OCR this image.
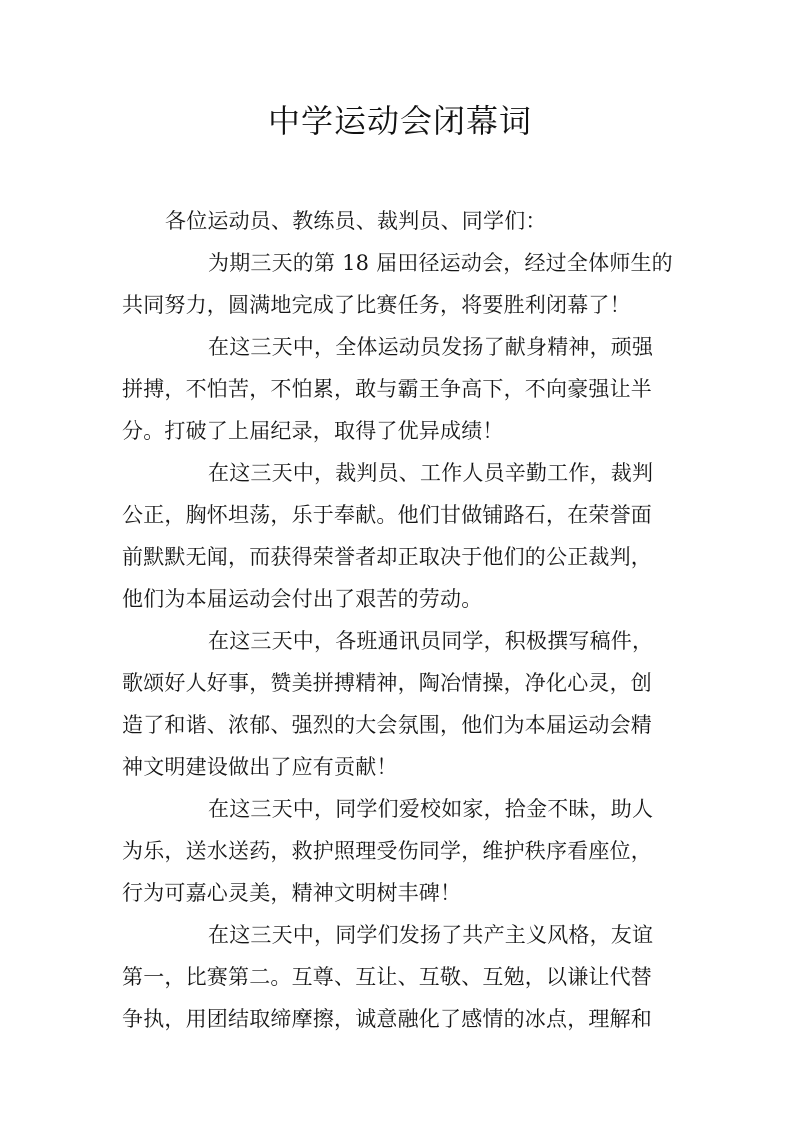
中学运动会闭幕词
各位运动员、教练员、裁判员、同学们：
为期三天的第 18 届田径运动会，经过全体师生的
共同努力，圆满地完成了比赛任务，将要胜利闭幕了！
在这三天中，全体运动员发扬了献身精神，顽强
拼搏，不怕苦，不怕累，敢与霸王争高下，不向豪强让半
分。打破了上届纪录，取得了优异成绩！
在这三天中，裁判员、工作人员辛勤工作，裁判
公正，胸怀坦荡，乐于奉献。他们甘做铺路石，在荣誉面
前默默无闻，而获得荣誉者却正取决于他们的公正裁判，
他们为本届运动会付出了艰苦的劳动。
在这三天中，各班通讯员同学，积极撰写稿件，
歌颂好人好事，赞美拼搏精神，陶冶情操，净化心灵，创
造了和谐、浓郁、强烈的大会氛围，他们为本届运动会精
神文明建设做出了应有贡献！
在这三天中，同学们爱校如家，拾金不昧，助人
为乐，送水送药，救护照理受伤同学，维护秩序看座位，
行为可嘉心灵美，精神文明树丰碑！
在这三天中，同学们发扬了共产主义风格，友谊
第一，比赛第二。互尊、互让、互敬、互勉，以谦让代替
争执，用团结取缔摩擦，诚意融化了感情的冰点，理解和
